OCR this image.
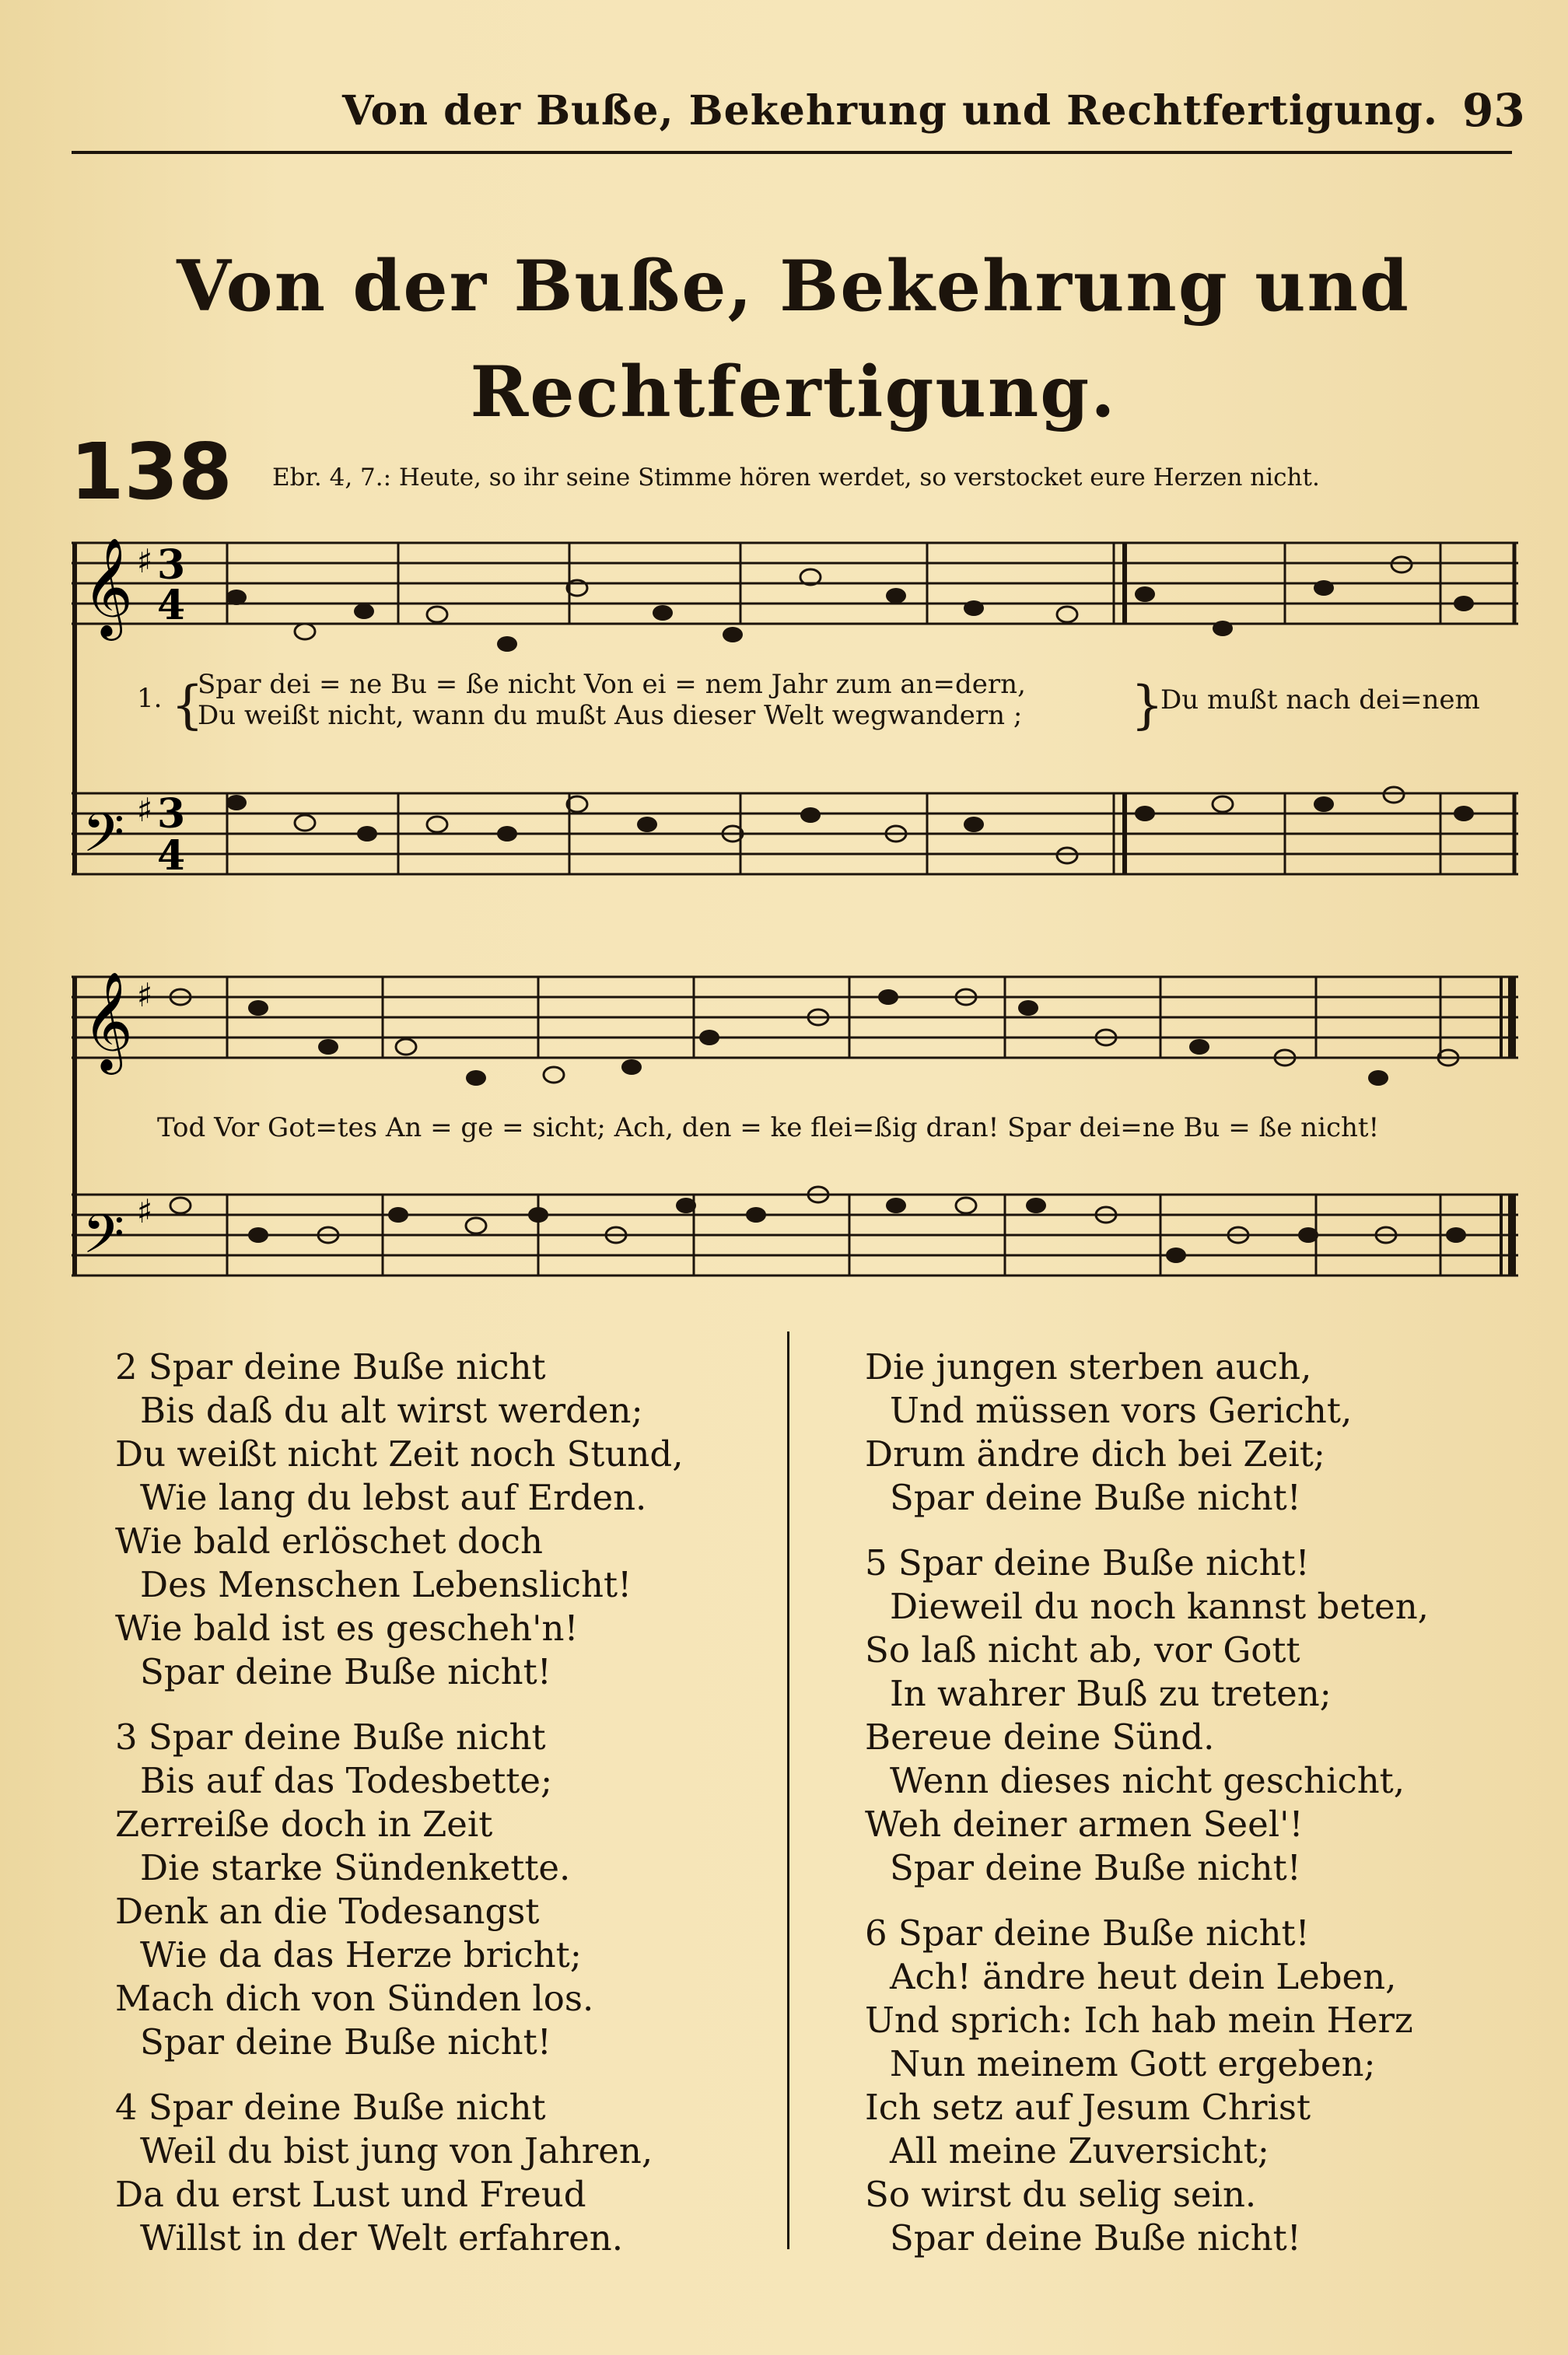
Von der Buße, Bekehrung und Rechtfertigung. 93
Von der Buße, Bekehrung und Rechtfertigung.
138 Ebr. 4, 7.: Heute, so ihr seine Stimme hören werdet, so verstocket eure Herzen nicht.
𝄞 ♯ 3
4
𝄢 ♯ 3
4
1. {
Spar dei = ne Bu = ße nicht Von ei = nem Jahr zum an=dern,
Du weißt nicht, wann du mußt Aus dieser Welt wegwandern ; }
Du mußt nach dei=nem
𝄞 ♯
𝄢 ♯
Tod Vor Got=tes An = ge = sicht; Ach, den = ke flei=ßig dran! Spar dei=ne Bu = ße nicht!
2 Spar deine Buße nicht
Bis daß du alt wirst werden;
Du weißt nicht Zeit noch Stund,
Wie lang du lebst auf Erden.
Wie bald erlöschet doch
Des Menschen Lebenslicht!
Wie bald ist es gescheh'n!
Spar deine Buße nicht!
3 Spar deine Buße nicht
Bis auf das Todesbette;
Zerreiße doch in Zeit
Die starke Sündenkette.
Denk an die Todesangst
Wie da das Herze bricht;
Mach dich von Sünden los.
Spar deine Buße nicht!
4 Spar deine Buße nicht
Weil du bist jung von Jahren,
Da du erst Lust und Freud
Willst in der Welt erfahren.
Die jungen sterben auch,
Und müssen vors Gericht,
Drum ändre dich bei Zeit;
Spar deine Buße nicht!
5 Spar deine Buße nicht!
Dieweil du noch kannst beten,
So laß nicht ab, vor Gott
In wahrer Buß zu treten;
Bereue deine Sünd.
Wenn dieses nicht geschicht,
Weh deiner armen Seel'!
Spar deine Buße nicht!
6 Spar deine Buße nicht!
Ach! ändre heut dein Leben,
Und sprich: Ich hab mein Herz
Nun meinem Gott ergeben;
Ich setz auf Jesum Christ
All meine Zuversicht;
So wirst du selig sein.
Spar deine Buße nicht!
